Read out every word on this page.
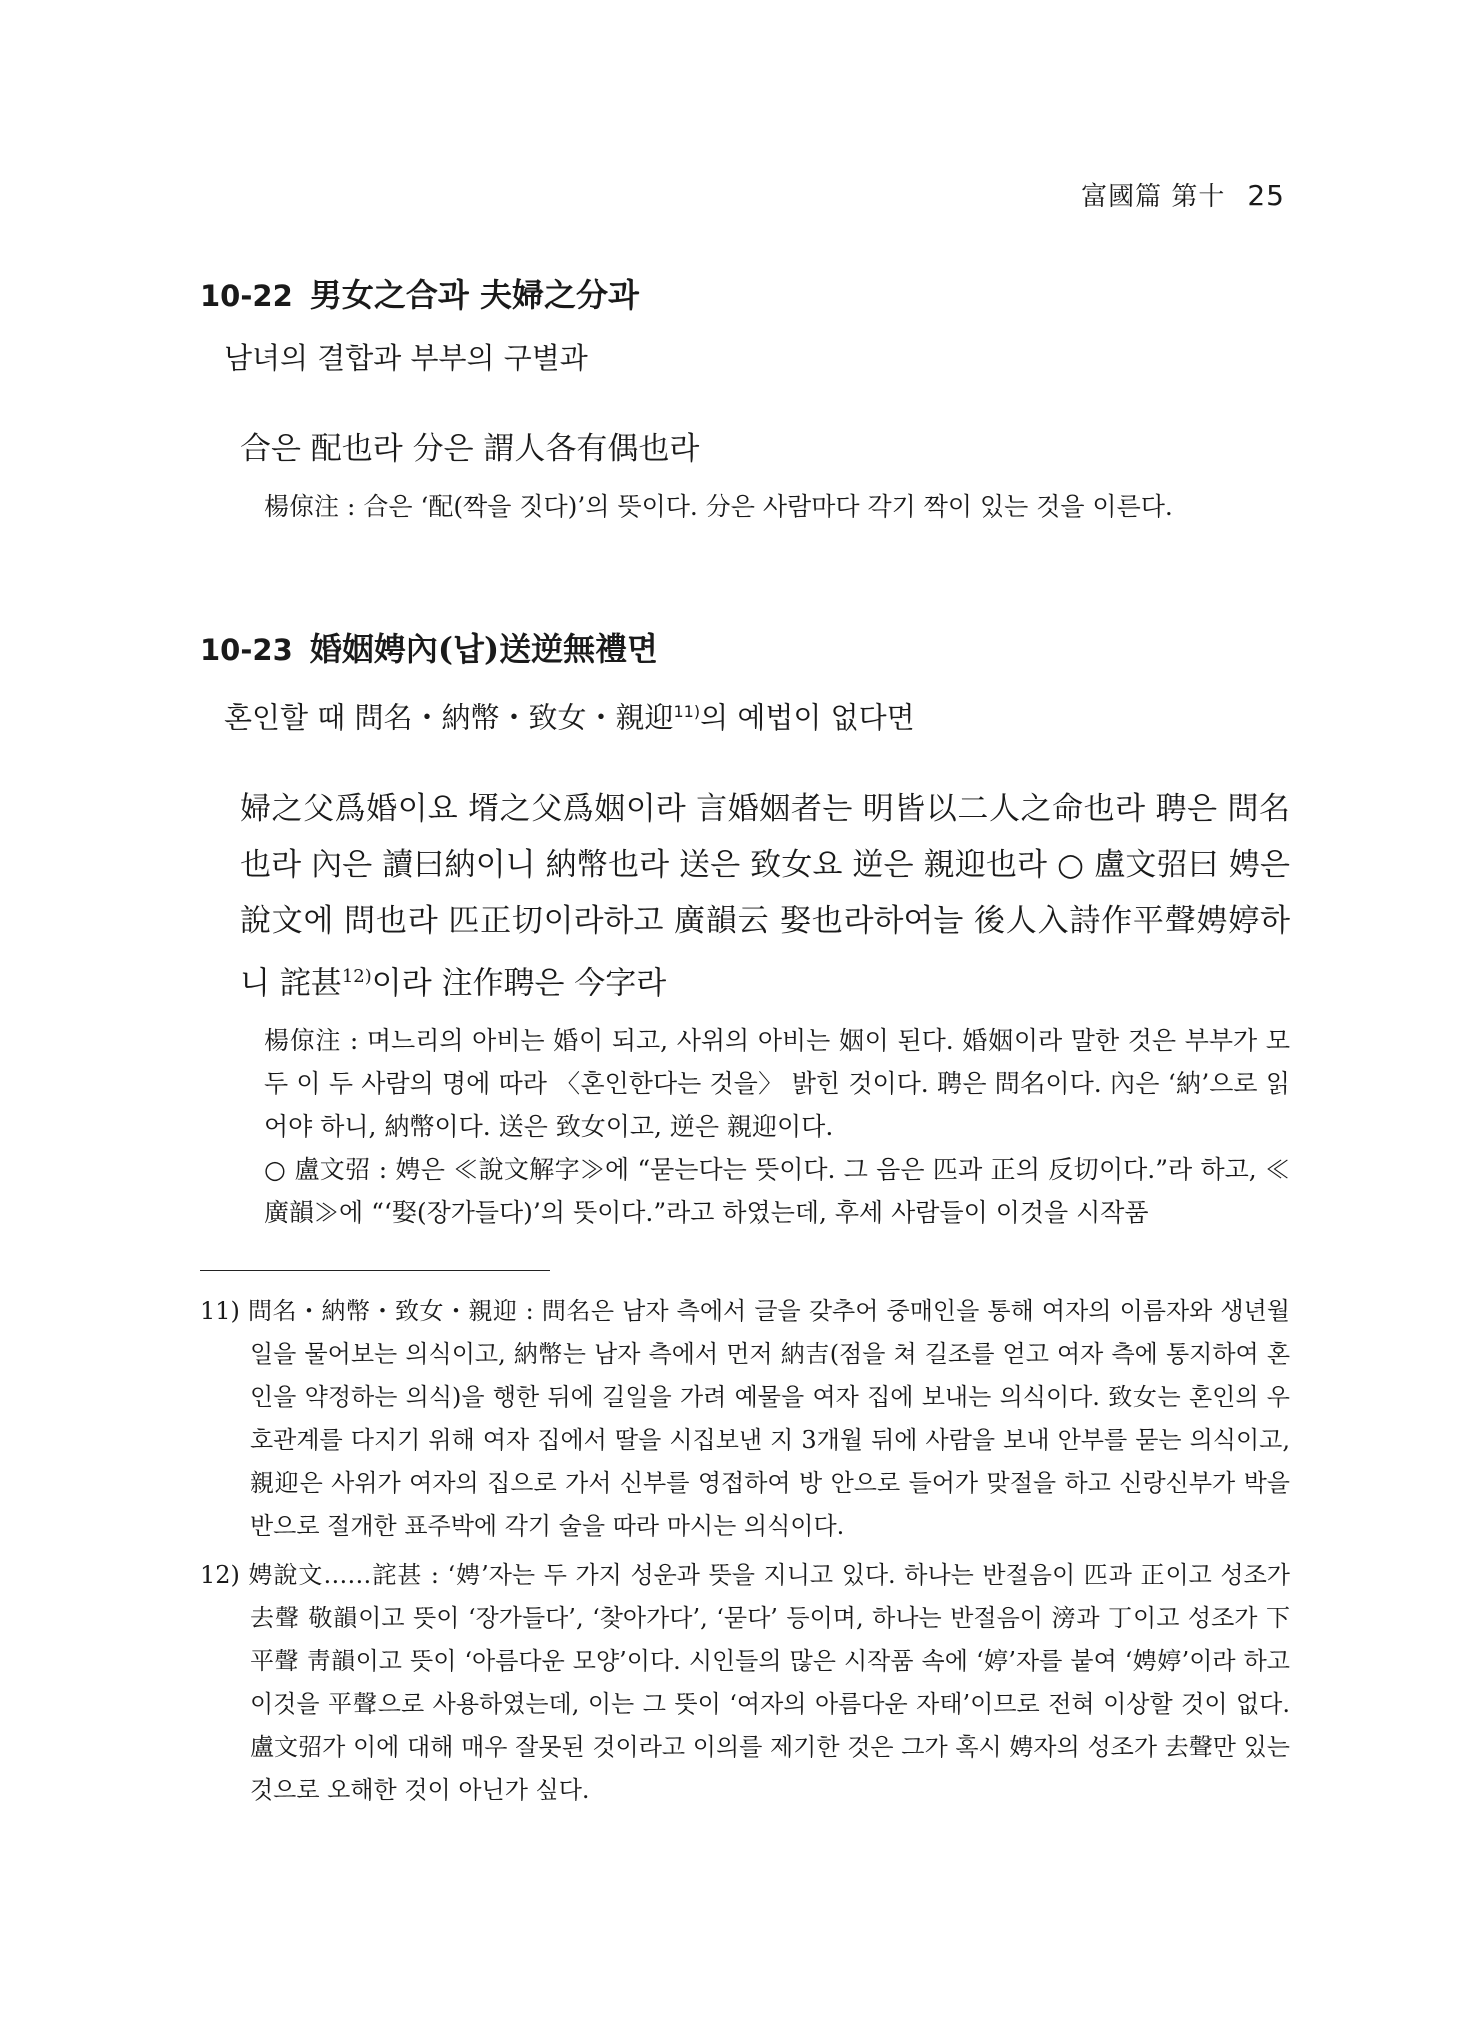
富國篇 第十 25
10-22 男女之合과 夫婦之分과

남녀의 결합과 부부의 구별과

合은 配也라 分은 謂人各有偶也라

楊倞注 : 合은 ‘配(짝을 짓다)’의 뜻이다. 分은 사람마다 각기 짝이 있는 것을 이른다.

10-23 婚姻娉內(납)送逆無禮면

혼인할 때 問名・納幣・致女・親迎$^{11)}$의 예법이 없다면

婦之父爲婚이요 壻之父爲姻이라 言婚姻者는 明皆以二人之命也라 聘은 問名也라 內은 讀曰納이니 納幣也라 送은 致女요 逆은 親迎也라 ○ 盧文弨曰 娉은 說文에 問也라 匹正切이라하고 廣韻云 娶也라하여늘 後人入詩作平聲娉婷하니 詫甚$^{12)}$이라 注作聘은 今字라

楊倞注 : 며느리의 아비는 婚이 되고, 사위의 아비는 姻이 된다. 婚姻이라 말한 것은 부부가 모두 이 두 사람의 명에 따라 〈혼인한다는 것을〉 밝힌 것이다. 聘은 問名이다. 內은 ‘納’으로 읽어야 하니, 納幣이다. 送은 致女이고, 逆은 親迎이다.

○ 盧文弨 : 娉은 ≪說文解字≫에 “묻는다는 뜻이다. 그 음은 匹과 正의 反切이다.”라 하고, ≪廣韻≫에 “‘娶(장가들다)’의 뜻이다.”라고 하였는데, 후세 사람들이 이것을 시작품

11) 問名・納幣・致女・親迎 : 問名은 남자 측에서 글을 갖추어 중매인을 통해 여자의 이름자와 생년월일을 물어보는 의식이고, 納幣는 남자 측에서 먼저 納吉(점을 쳐 길조를 얻고 여자 측에 통지하여 혼인을 약정하는 의식)을 행한 뒤에 길일을 가려 예물을 여자 집에 보내는 의식이다. 致女는 혼인의 우호관계를 다지기 위해 여자 집에서 딸을 시집보낸 지 3개월 뒤에 사람을 보내 안부를 묻는 의식이고, 親迎은 사위가 여자의 집으로 가서 신부를 영접하여 방 안으로 들어가 맞절을 하고 신랑신부가 박을 반으로 절개한 표주박에 각기 술을 따라 마시는 의식이다.

12) 娉說文……詫甚 : ‘娉’자는 두 가지 성운과 뜻을 지니고 있다. 하나는 반절음이 匹과 正이고 성조가 去聲 敬韻이고 뜻이 ‘장가들다’, ‘찾아가다’, ‘묻다’ 등이며, 하나는 반절음이 滂과 丁이고 성조가 下平聲 靑韻이고 뜻이 ‘아름다운 모양’이다. 시인들의 많은 시작품 속에 ‘婷’자를 붙여 ‘娉婷’이라 하고 이것을 平聲으로 사용하였는데, 이는 그 뜻이 ‘여자의 아름다운 자태’이므로 전혀 이상할 것이 없다. 盧文弨가 이에 대해 매우 잘못된 것이라고 이의를 제기한 것은 그가 혹시 娉자의 성조가 去聲만 있는 것으로 오해한 것이 아닌가 싶다.
